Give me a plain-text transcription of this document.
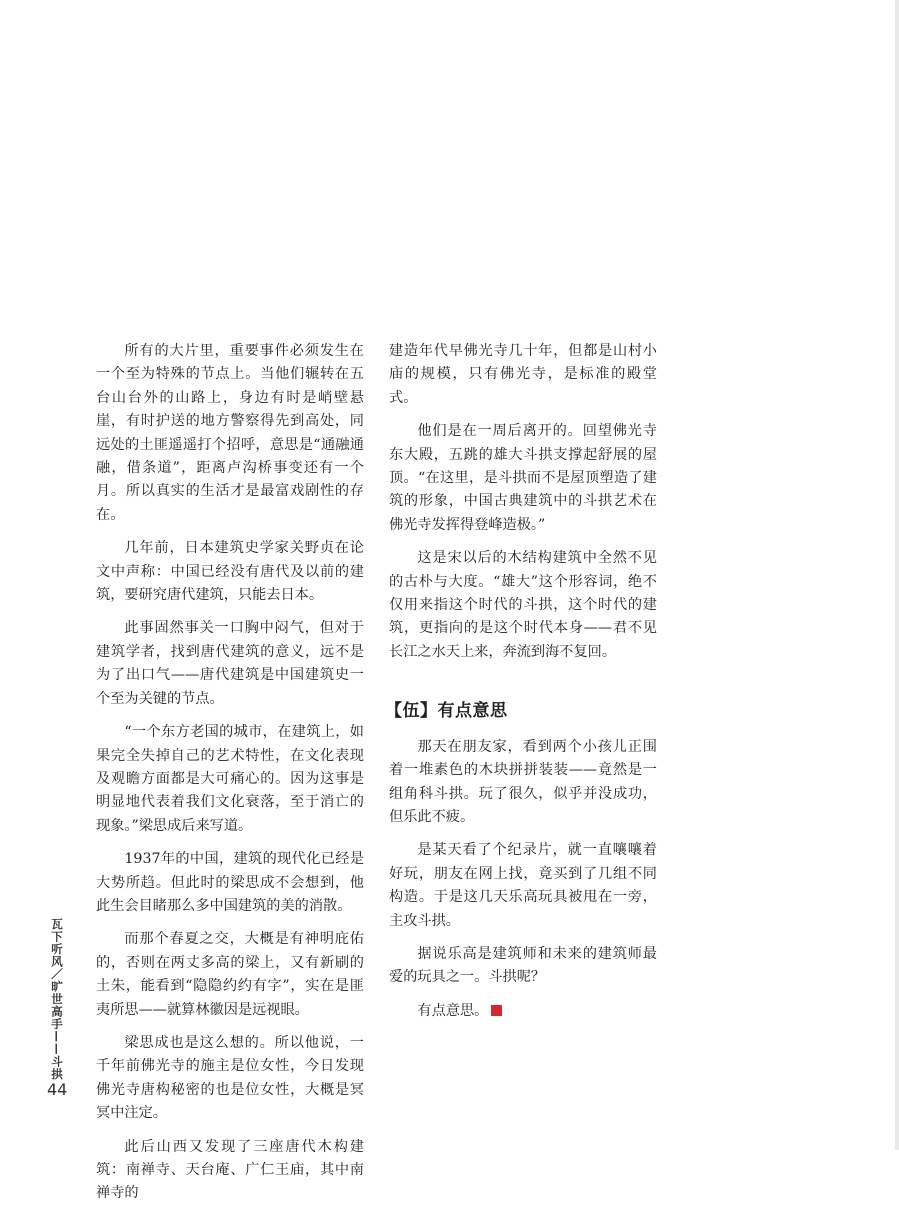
所有的大片里，重要事件必须发生在一个至为特殊的节点上。当他们辗转在五台山台外的山路上，身边有时是峭壁悬崖，有时护送的地方警察得先到高处，同远处的土匪遥遥打个招呼，意思是“通融通融，借条道”，距离卢沟桥事变还有一个月。所以真实的生活才是最富戏剧性的存在。

几年前，日本建筑史学家关野贞在论文中声称：中国已经没有唐代及以前的建筑，要研究唐代建筑，只能去日本。

此事固然事关一口胸中闷气，但对于建筑学者，找到唐代建筑的意义，远不是为了出口气——唐代建筑是中国建筑史一个至为关键的节点。

“一个东方老国的城市，在建筑上，如果完全失掉自己的艺术特性，在文化表现及观瞻方面都是大可痛心的。因为这事是明显地代表着我们文化衰落，至于消亡的现象。”梁思成后来写道。

1937年的中国，建筑的现代化已经是大势所趋。但此时的梁思成不会想到，他此生会目睹那么多中国建筑的美的消散。

而那个春夏之交，大概是有神明庇佑的，否则在两丈多高的梁上，又有新刷的土朱，能看到“隐隐约约有字”，实在是匪夷所思——就算林徽因是远视眼。

梁思成也是这么想的。所以他说，一千年前佛光寺的施主是位女性，今日发现佛光寺唐构秘密的也是位女性，大概是冥冥中注定。

此后山西又发现了三座唐代木构建筑：南禅寺、天台庵、广仁王庙，其中南禅寺的

建造年代早佛光寺几十年，但都是山村小庙的规模，只有佛光寺，是标准的殿堂式。

他们是在一周后离开的。回望佛光寺东大殿，五跳的雄大斗拱支撑起舒展的屋顶。“在这里，是斗拱而不是屋顶塑造了建筑的形象，中国古典建筑中的斗拱艺术在佛光寺发挥得登峰造极。”

这是宋以后的木结构建筑中全然不见的古朴与大度。“雄大”这个形容词，绝不仅用来指这个时代的斗拱，这个时代的建筑，更指向的是这个时代本身——君不见长江之水天上来，奔流到海不复回。

【伍】有点意思

那天在朋友家，看到两个小孩儿正围着一堆素色的木块拼拼装装——竟然是一组角科斗拱。玩了很久，似乎并没成功，但乐此不疲。

是某天看了个纪录片，就一直嚷嚷着好玩，朋友在网上找，竟买到了几组不同构造。于是这几天乐高玩具被甩在一旁，主攻斗拱。

据说乐高是建筑师和未来的建筑师最爱的玩具之一。斗拱呢？

有点意思。

瓦下听风／旷世高手——斗拱
44
